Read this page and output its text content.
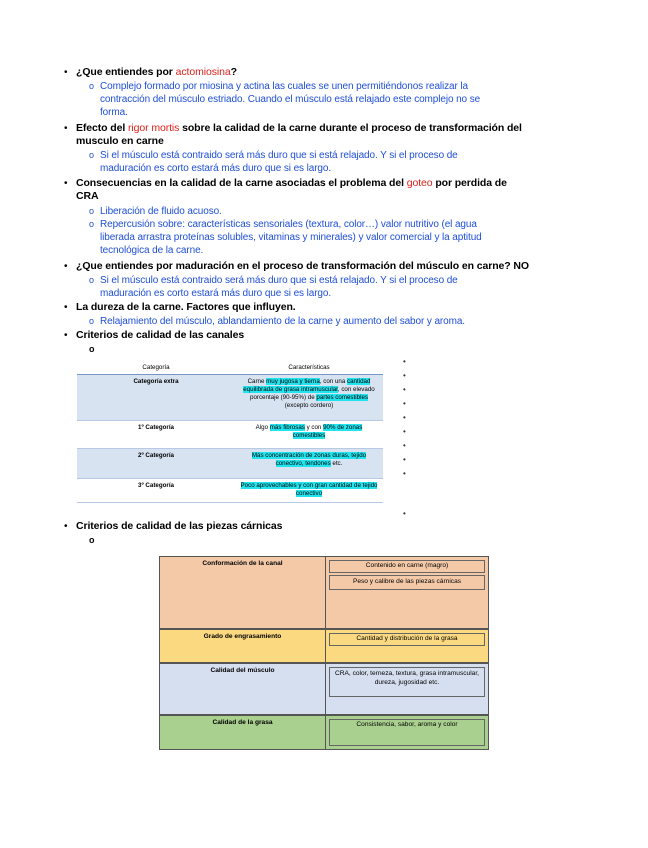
• ¿Que entiendes por actomiosina?
o Complejo formado por miosina y actina las cuales se unen permitiéndonos realizar la
contracción del músculo estriado. Cuando el músculo está relajado este complejo no se
forma.
• Efecto del rigor mortis sobre la calidad de la carne durante el proceso de transformación del
musculo en carne
o Si el músculo está contraido será más duro que si está relajado. Y si el proceso de
maduración es corto estará más duro que si es largo.
• Consecuencias en la calidad de la carne asociadas el problema del goteo por perdida de
CRA
o Liberación de fluido acuoso.
o Repercusión sobre: características sensoriales (textura, color…) valor nutritivo (el agua
liberada arrastra proteínas solubles, vitaminas y minerales) y valor comercial y la aptitud
tecnológica de la carne.
• ¿Que entiendes por maduración en el proceso de transformación del músculo en carne? NO
o Si el músculo está contraido será más duro que si está relajado. Y si el proceso de
maduración es corto estará más duro que si es largo.
• La dureza de la carne. Factores que influyen.
o Relajamiento del músculo, ablandamiento de la carne y aumento del sabor y aroma.
• Criterios de calidad de las canales
o
Categoría	Características
Categoría extra	Carne muy jugosa y tierna, con una cantidad equilibrada de grasa intramuscular, con elevado porcentaje (90-95%) de partes comestibles (excepto cordero)
1º Categoría	Algo más fibrosas y con 90% de zonas comestibles
2º Categoría	Más concentración de zonas duras, tejido conectivo, tendones etc.
3º Categoría	Poco aprovechables y con gran cantidad de tejido conectivo
•
•
•
•
•
•
•
•
•
•
• Criterios de calidad de las piezas cárnicas
o
Conformación de la canal	Contenido en carne (magro)
Peso y calibre de las piezas cárnicas
Grado de engrasamiento	Cantidad y distribución de la grasa
Calidad del músculo	CRA, color, terneza, textura, grasa intramuscular, dureza, jugosidad etc.
Calidad de la grasa	Consistencia, sabor, aroma y color
